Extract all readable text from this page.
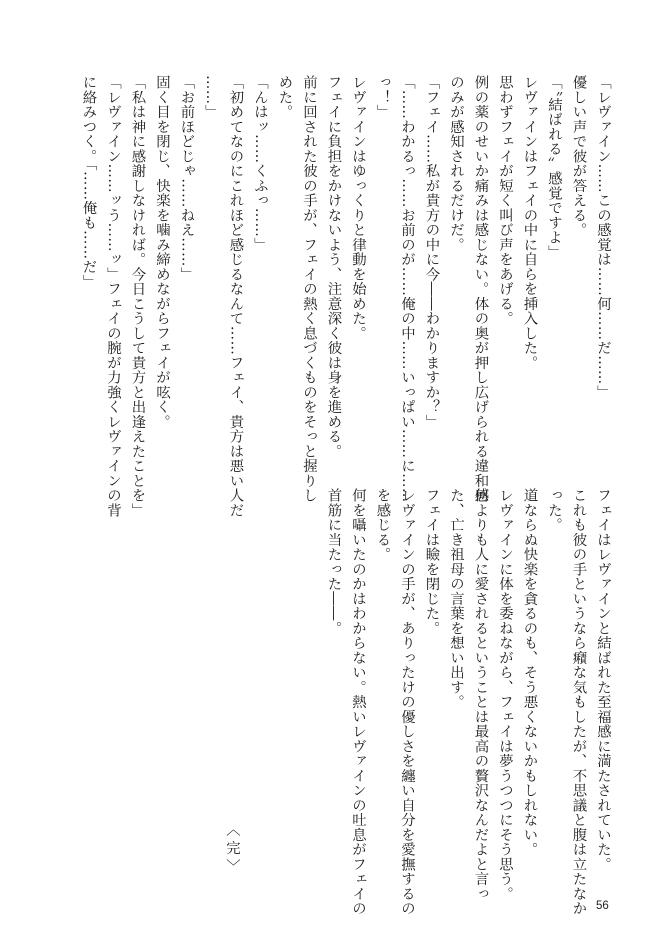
「レヴァイン……この感覚は……何……だ……」
優しい声で彼が答える。
「〝結ばれる〟感覚ですよ」
レヴァインはフェイの中に自らを挿入した。
思わずフェイが短く叫び声をあげる。
例の薬のせいか痛みは感じない。体の奥が押し広げられる違和感
のみが感知されるだけだ。
「フェイ……私が貴方の中に今――わかりますか？」
「……わかるっ……お前のが……俺の中……いっぱい……に……
っ！」
レヴァインはゆっくりと律動を始めた。
フェイに負担をかけないよう、注意深く彼は身を進める。
前に回された彼の手が、フェイの熱く息づくものをそっと握りし
めた。
「んはッ……くふっ……」
「初めてなのにこれほど感じるなんて……フェイ、貴方は悪い人だ
……」
「お前ほどじゃ……ねえ……」
固く目を閉じ、快楽を噛み締めながらフェイが呟く。
「私は神に感謝しなければ。今日こうして貴方と出逢えたことを」
「レヴァイン……ッう……ッ」フェイの腕が力強くレヴァインの背
に絡みつく。「……俺も……だ」
フェイはレヴァインと結ばれた至福感に満たされていた。
これも彼の手というなら癪な気もしたが、不思議と腹は立たなか
った。
道ならぬ快楽を貪るのも、そう悪くないかもしれない。
レヴァインに体を委ねながら、フェイは夢うつつにそう思う。
何よりも人に愛されるということは最高の贅沢なんだよと言っ
た、亡き祖母の言葉を想い出す。
フェイは瞼を閉じた。
レヴァインの手が、ありったけの優しさを纏い自分を愛撫するの
を感じる。
何を囁いたのかはわからない。熱いレヴァインの吐息がフェイの
首筋に当たった――。
〈完〉
56
